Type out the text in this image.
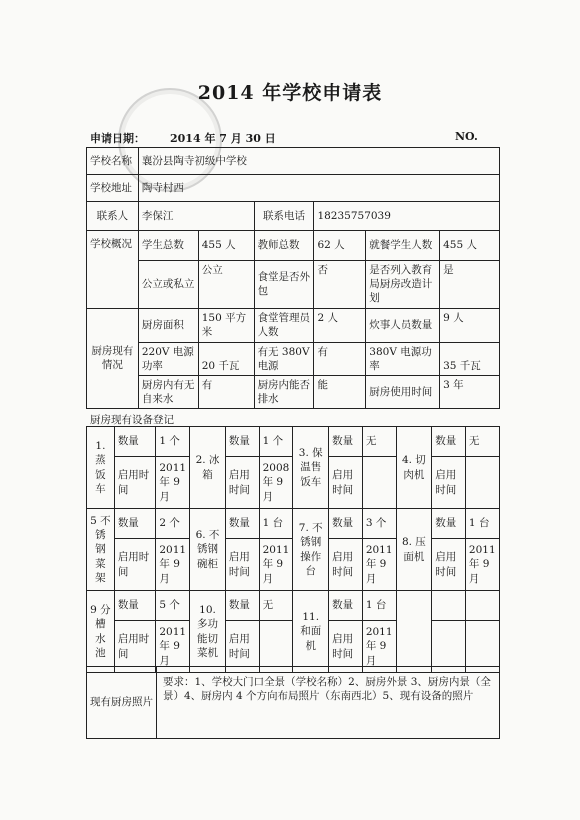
2014 年学校申请表
申请日期： 2014 年 7 月 30 日	NO.
学校名称	襄汾县陶寺初级中学校					
学校地址	陶寺村西					
联系人	李保江		联系电话	18235757039		
学校概况	学生总数	455 人	教师总数	62 人	就餐学生人数	455 人
	公立或私立	公立	食堂是否外包	否	是否列入教育局厨房改造计划	是
厨房现有情况	厨房面积	150 平方米	食堂管理员人数	2 人	炊事人员数量	9 人
	220V 电源功率	20 千瓦	有无 380V 电源	有	380V 电源功率	35 千瓦
	厨房内有无自来水	有	厨房内能否排水	能	厨房使用时间	3 年
厨房现有设备登记
1. 蒸饭车	数量	1 个	2. 冰箱	数量	1 个	3. 保温售饭车	数量	无	4. 切肉机	数量	无
	启用时间	2011 年 9 月		启用时间	2008 年 9 月		启用时间			启用时间	
5 不锈钢菜架	数量	2 个	6. 不锈钢碗柜	数量	1 台	7. 不锈钢操作台	数量	3 个	8. 压面机	数量	1 台
	启用时间	2011 年 9 月		启用时间	2011 年 9 月		启用时间	2011 年 9 月		启用时间	2011 年 9 月
9 分槽水池	数量	5 个	10. 多功能切菜机	数量	无	11. 和面机	数量	1 台			
	启用时间	2011 年 9 月		启用时间			启用时间	2011 年 9 月			
现有厨房照片	要求：1、学校大门口全景（学校名称）2、厨房外景 3、厨房内景（全景）4、厨房内 4 个方向布局照片（东南西北）5、现有设备的照片
